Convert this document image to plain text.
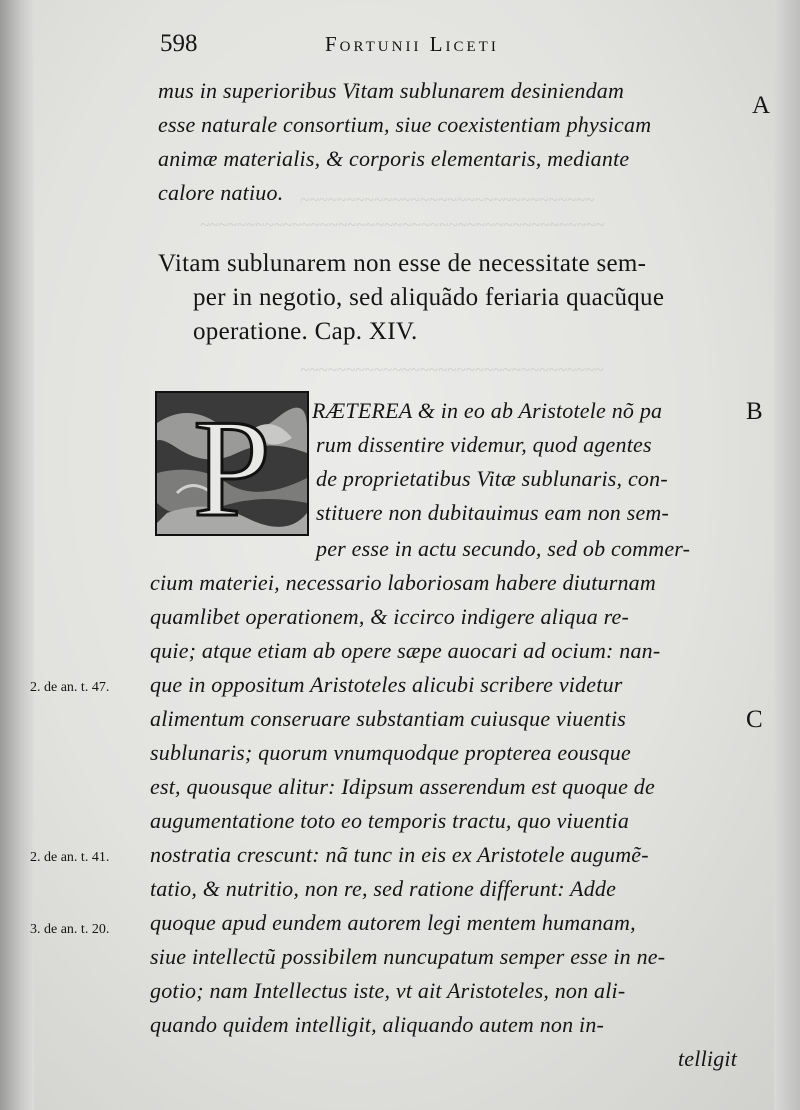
~~~~~~~~~~~~~~~~~~~~~~~~~~~~~~~~
~~~~~~~~~~~~~~~~~~~~~~~~~~~~~~~~~~~~~~~~~~~~
~~~~~~~~~~~~~~~~~~~~~~~~~~~~~~~~~
598	Fortunii Liceti
mus in superioribus Vitam sublunarem desiniendam
esse naturale consortium, siue coexistentiam physicam
animæ materialis, & corporis elementaris, mediante
calore natiuo.
Vitam sublunarem non esse de necessitate sem-
per in negotio, sed aliquãdo feriaria quacũque
operatione. Cap. XIV.
P RÆTEREA & in eo ab Aristotele nõ pa
rum dissentire videmur, quod agentes
de proprietatibus Vitæ sublunaris, con-
stituere non dubitauimus eam non sem-
per esse in actu secundo, sed ob commer-
cium materiei, necessario laboriosam habere diuturnam
quamlibet operationem, & iccirco indigere aliqua re-
quie; atque etiam ab opere sæpe auocari ad ocium: nan-
que in oppositum Aristoteles alicubi scribere videtur
alimentum conseruare substantiam cuiusque viuentis
sublunaris; quorum vnumquodque propterea eousque
est, quousque alitur: Idipsum asserendum est quoque de
augumentatione toto eo temporis tractu, quo viuentia
nostratia crescunt: nã tunc in eis ex Aristotele augumẽ-
tatio, & nutritio, non re, sed ratione differunt: Adde
quoque apud eundem autorem legi mentem humanam,
siue intellectũ possibilem nuncupatum semper esse in ne-
gotio; nam Intellectus iste, vt ait Aristoteles, non ali-
quando quidem intelligit, aliquando autem non in-
telligit
A
B
C
2. de an. t. 47.
2. de an. t. 41.
3. de an. t. 20.
